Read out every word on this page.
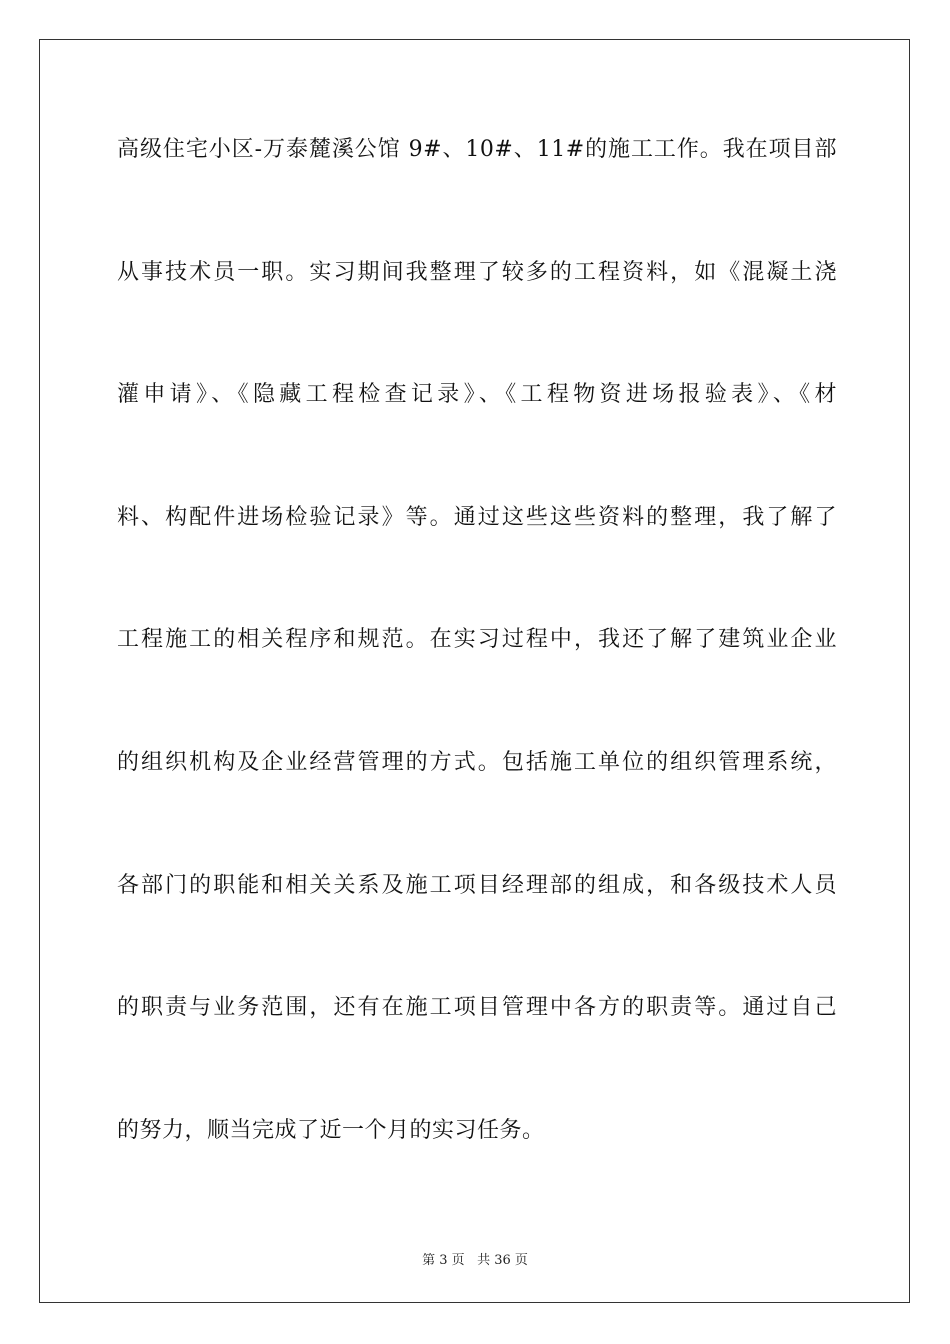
高级住宅小区-万泰麓溪公馆 9#、10#、11#的施工工作。我在项目部
从事技术员一职。实习期间我整理了较多的工程资料，如《混凝土浇
灌申请》、《隐藏工程检查记录》、《工程物资进场报验表》、《材
料、构配件进场检验记录》等。通过这些这些资料的整理，我了解了
工程施工的相关程序和规范。在实习过程中，我还了解了建筑业企业
的组织机构及企业经营管理的方式。包括施工单位的组织管理系统，
各部门的职能和相关关系及施工项目经理部的组成，和各级技术人员
的职责与业务范围，还有在施工项目管理中各方的职责等。通过自己
的努力，顺当完成了近一个月的实习任务。
第 3 页 共 36 页
